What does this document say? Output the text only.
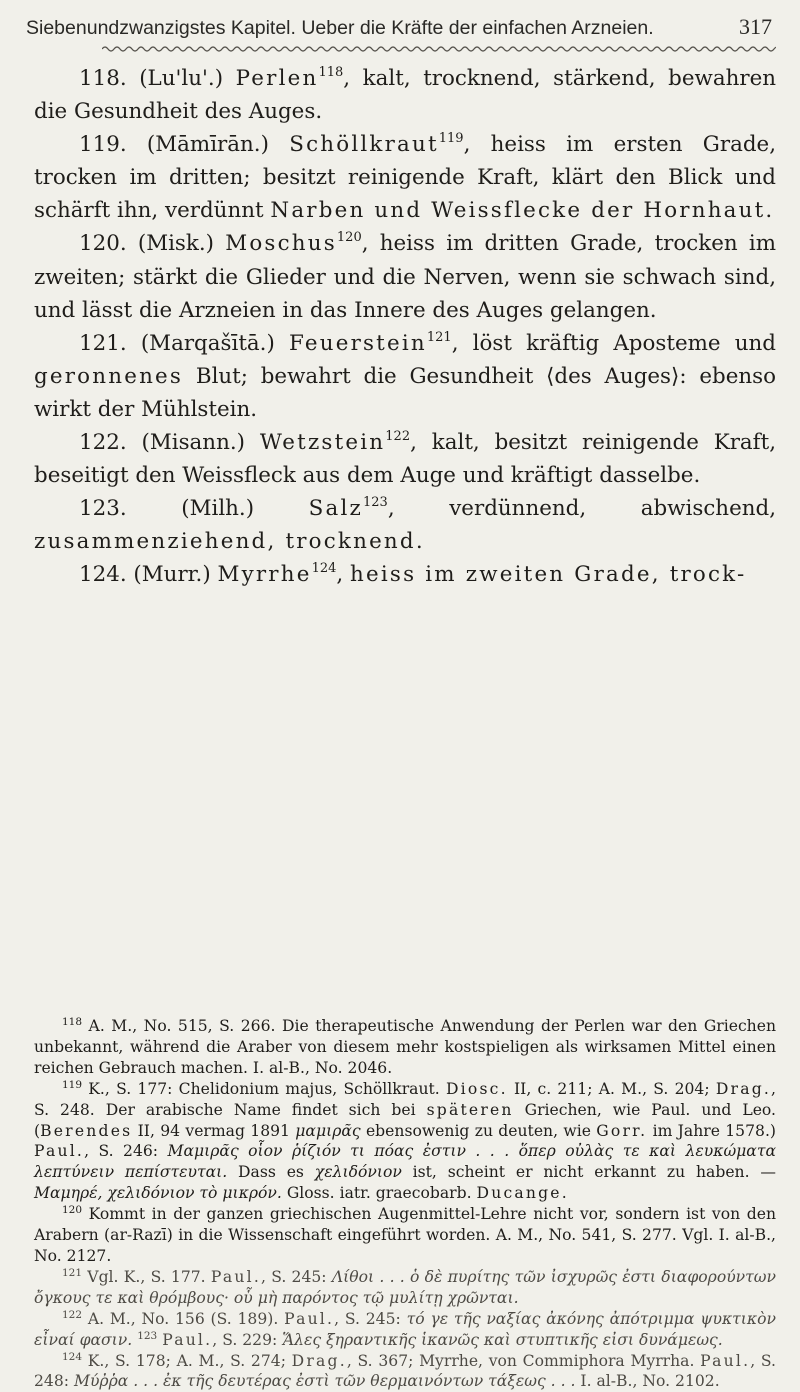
Siebenundzwanzigstes Kapitel. Ueber die Kräfte der einfachen Arzneien.	317

118. (Lu'lu'.) Perlen$^{118}$, kalt, trocknend, stärkend, bewahren die Gesundheit des Auges.

119. (Māmīrān.) Schöllkraut$^{119}$, heiss im ersten Grade, trocken im dritten; besitzt reinigende Kraft, klärt den Blick und schärft ihn, verdünnt Narben und Weissflecke der Hornhaut.

120. (Misk.) Moschus$^{120}$, heiss im dritten Grade, trocken im zweiten; stärkt die Glieder und die Nerven, wenn sie schwach sind, und lässt die Arzneien in das Innere des Auges gelangen.

121. (Marqašītā.) Feuerstein$^{121}$, löst kräftig Aposteme und geronnenes Blut; bewahrt die Gesundheit ⟨des Auges⟩: ebenso wirkt der Mühlstein.

122. (Misann.) Wetzstein$^{122}$, kalt, besitzt reinigende Kraft, beseitigt den Weissfleck aus dem Auge und kräftigt dasselbe.

123. (Milh.) Salz$^{123}$, verdünnend, abwischend, zusammenziehend, trocknend.

124. (Murr.) Myrrhe$^{124}$, heiss im zweiten Grade, trock-

$^{118}$ A. M., No. 515, S. 266. Die therapeutische Anwendung der Perlen war den Griechen unbekannt, während die Araber von diesem mehr kostspieligen als wirksamen Mittel einen reichen Gebrauch machen. I. al-B., No. 2046.

$^{119}$ K., S. 177: Chelidonium majus, Schöllkraut. Diosc. II, c. 211; A. M., S. 204; Drag., S. 248. Der arabische Name findet sich bei späteren Griechen, wie Paul. und Leo. (Berendes II, 94 vermag 1891 μαμιρᾶς ebensowenig zu deuten, wie Gorr. im Jahre 1578.) Paul., S. 246: Μαμιρᾶς οἷον ῥίζιόν τι πόας ἐστιν . . . ὅπερ οὐλὰς τε καὶ λευκώματα λεπτύνειν πεπίστευται. Dass es χελιδόνιον ist, scheint er nicht erkannt zu haben. — Μαμηρέ, χελιδόνιον τὸ μικρόν. Gloss. iatr. graecobarb. Ducange.

$^{120}$ Kommt in der ganzen griechischen Augenmittel-Lehre nicht vor, sondern ist von den Arabern (ar-Razī) in die Wissenschaft eingeführt worden. A. M., No. 541, S. 277. Vgl. I. al-B., No. 2127.

$^{121}$ Vgl. K., S. 177. Paul., S. 245: Λίθοι . . . ὁ δὲ πυρίτης τῶν ἰσχυρῶς ἐστι διαφορούντων ὄγκους τε καὶ θρόμβους· οὗ μὴ παρόντος τῷ μυλίτῃ χρῶνται.

$^{122}$ A. M., No. 156 (S. 189). Paul., S. 245: τό γε τῆς ναξίας ἀκόνης ἀπότριμμα ψυκτικὸν εἶναί φασιν. $^{123}$ Paul., S. 229: Ἅλες ξηραντικῆς ἱκανῶς καὶ στυπτικῆς εἰσι δυνάμεως.

$^{124}$ K., S. 178; A. M., S. 274; Drag., S. 367; Myrrhe, von Commiphora Myrrha. Paul., S. 248: Μύῤῥα . . . ἐκ τῆς δευτέρας ἐστὶ τῶν θερμαινόντων τάξεως . . . I. al-B., No. 2102.
